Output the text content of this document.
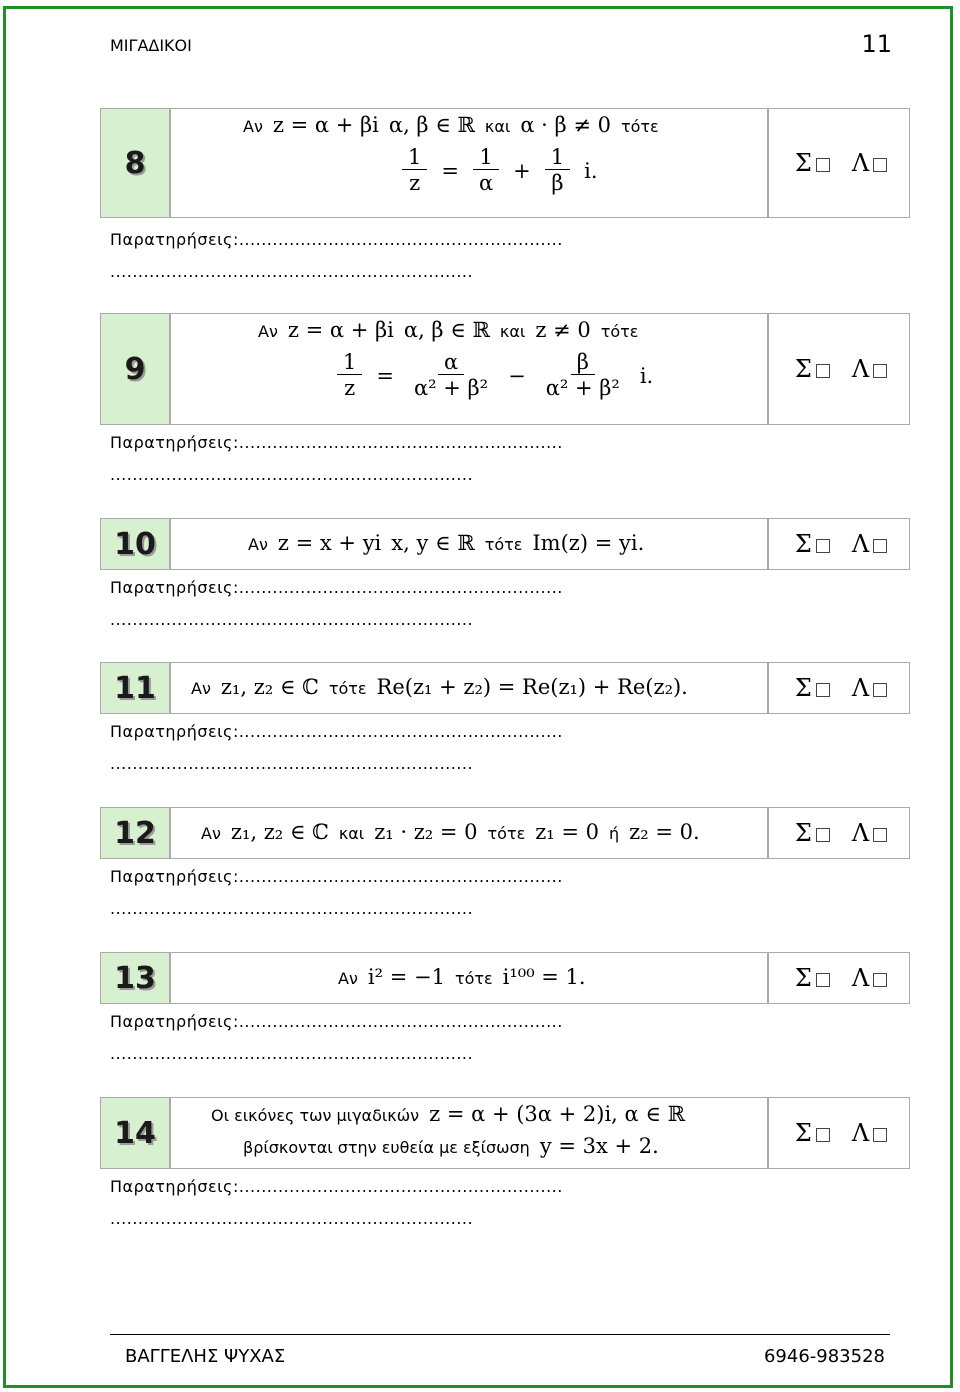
ΜΙΓΑΔΙΚΟΙ	11
8
Αν z = α + βi α, β ∈ ℝ και α · β ≠ 0 τότε
$\frac{1}{z} = \frac{1}{\alpha} + \frac{1}{\beta} i$.	Σ	Λ
Παρατηρήσεις:..........................................................
.................................................................
9
Αν z = α + βi α, β ∈ ℝ και z ≠ 0 τότε
$\frac{1}{z} = \frac{\alpha}{\text{α² + β²}} - \frac{\beta}{\text{α² + β²}} i$.	Σ	Λ
Παρατηρήσεις:..........................................................
.................................................................
10	Αν z = x + yi x, y ∈ ℝ τότε Im(z) = yi.	Σ	Λ
Παρατηρήσεις:..........................................................
.................................................................
11	Αν z₁, z₂ ∈ ℂ τότε Re(z₁ + z₂) = Re(z₁) + Re(z₂).	Σ	Λ
Παρατηρήσεις:..........................................................
.................................................................
12	Αν z₁, z₂ ∈ ℂ και z₁ · z₂ = 0 τότε z₁ = 0 ή z₂ = 0.	Σ	Λ
Παρατηρήσεις:..........................................................
.................................................................
13	Αν i² = −1 τότε i¹⁰⁰ = 1.	Σ	Λ
Παρατηρήσεις:..........................................................
.................................................................
14	Οι εικόνες των μιγαδικών z = α + (3α + 2)i, α ∈ ℝ
βρίσκονται στην ευθεία με εξίσωση y = 3x + 2.	Σ	Λ
Παρατηρήσεις:..........................................................
.................................................................
ΒΑΓΓΕΛΗΣ ΨΥΧΑΣ	6946-983528
